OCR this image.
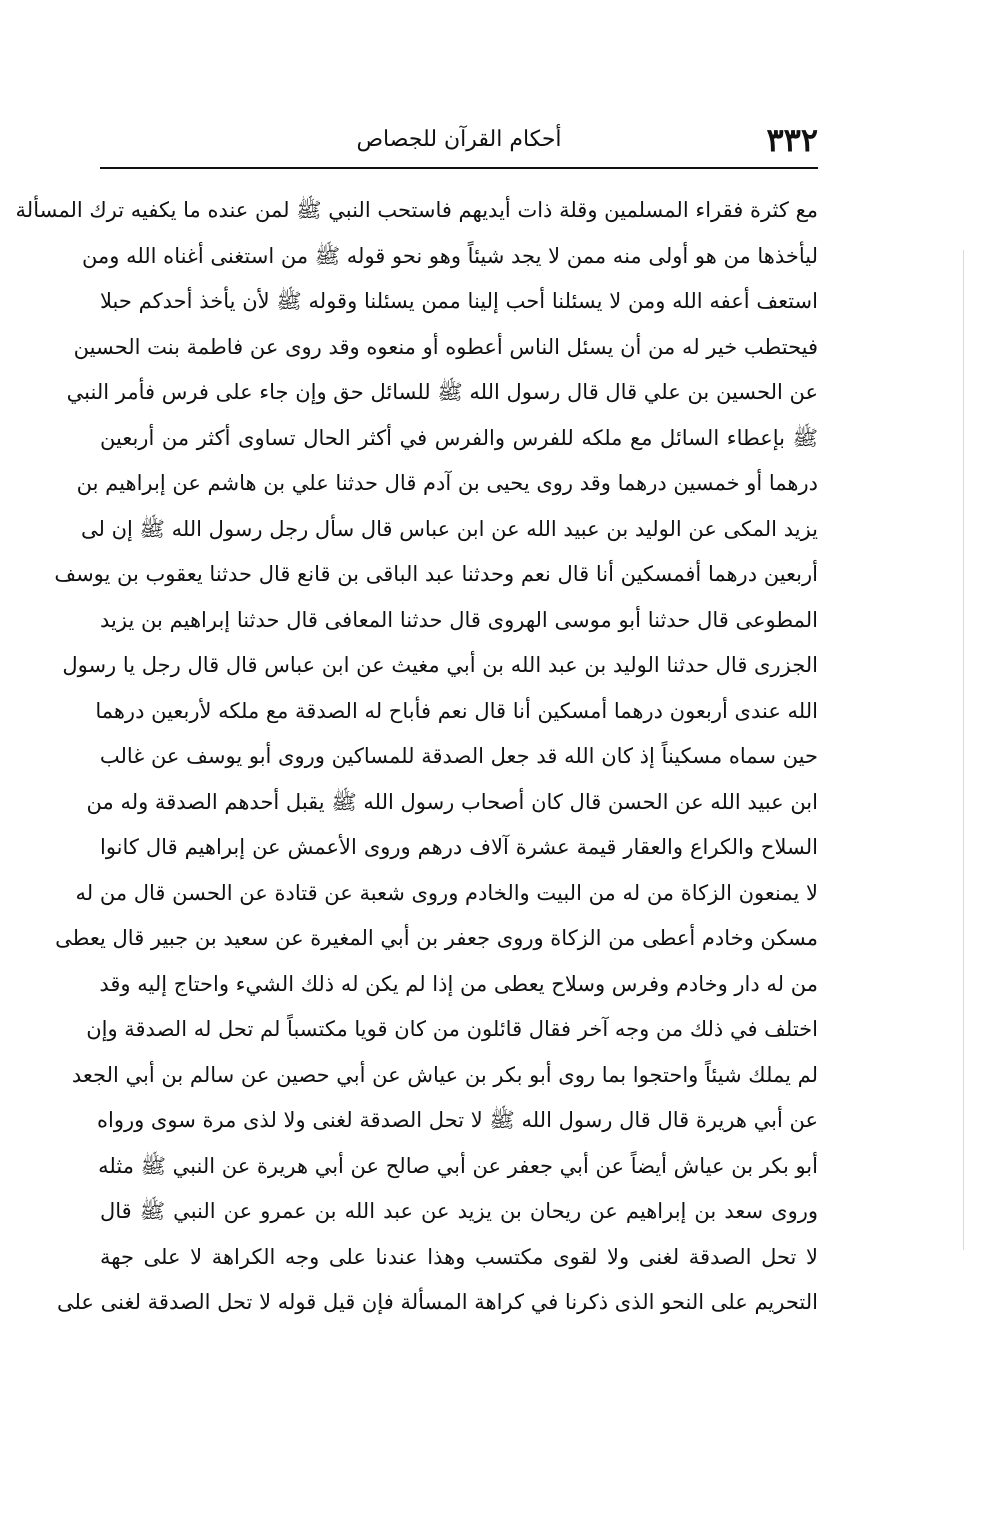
٣٣٢
أحكام القرآن للجصاص
مع كثرة فقراء المسلمين وقلة ذات أيديهم فاستحب النبي ﷺ لمن عنده ما يكفيه ترك المسألة
ليأخذها من هو أولى منه ممن لا يجد شيئاً وهو نحو قوله ﷺ من استغنى أغناه الله ومن
استعف أعفه الله ومن لا يسئلنا أحب إلينا ممن يسئلنا وقوله ﷺ لأن يأخذ أحدكم حبلا
فيحتطب خير له من أن يسئل الناس أعطوه أو منعوه وقد روى عن فاطمة بنت الحسين
عن الحسين بن علي قال قال رسول الله ﷺ للسائل حق وإن جاء على فرس فأمر النبي
ﷺ بإعطاء السائل مع ملكه للفرس والفرس في أكثر الحال تساوى أكثر من أربعين
درهما أو خمسين درهما وقد روى يحيى بن آدم قال حدثنا علي بن هاشم عن إبراهيم بن
يزيد المكى عن الوليد بن عبيد الله عن ابن عباس قال سأل رجل رسول الله ﷺ إن لى
أربعين درهما أفمسكين أنا قال نعم وحدثنا عبد الباقى بن قانع قال حدثنا يعقوب بن يوسف
المطوعى قال حدثنا أبو موسى الهروى قال حدثنا المعافى قال حدثنا إبراهيم بن يزيد
الجزرى قال حدثنا الوليد بن عبد الله بن أبي مغيث عن ابن عباس قال قال رجل يا رسول
الله عندى أربعون درهما أمسكين أنا قال نعم فأباح له الصدقة مع ملكه لأربعين درهما
حين سماه مسكيناً إذ كان الله قد جعل الصدقة للمساكين وروى أبو يوسف عن غالب
ابن عبيد الله عن الحسن قال كان أصحاب رسول الله ﷺ يقبل أحدهم الصدقة وله من
السلاح والكراع والعقار قيمة عشرة آلاف درهم وروى الأعمش عن إبراهيم قال كانوا
لا يمنعون الزكاة من له من البيت والخادم وروى شعبة عن قتادة عن الحسن قال من له
مسكن وخادم أعطى من الزكاة وروى جعفر بن أبي المغيرة عن سعيد بن جبير قال يعطى
من له دار وخادم وفرس وسلاح يعطى من إذا لم يكن له ذلك الشيء واحتاج إليه وقد
اختلف في ذلك من وجه آخر فقال قائلون من كان قويا مكتسباً لم تحل له الصدقة وإن
لم يملك شيئاً واحتجوا بما روى أبو بكر بن عياش عن أبي حصين عن سالم بن أبي الجعد
عن أبي هريرة قال قال رسول الله ﷺ لا تحل الصدقة لغنى ولا لذى مرة سوى ورواه
أبو بكر بن عياش أيضاً عن أبي جعفر عن أبي صالح عن أبي هريرة عن النبي ﷺ مثله
وروى سعد بن إبراهيم عن ريحان بن يزيد عن عبد الله بن عمرو عن النبي ﷺ قال
لا تحل الصدقة لغنى ولا لقوى مكتسب وهذا عندنا على وجه الكراهة لا على جهة
التحريم على النحو الذى ذكرنا في كراهة المسألة فإن قيل قوله لا تحل الصدقة لغنى على
